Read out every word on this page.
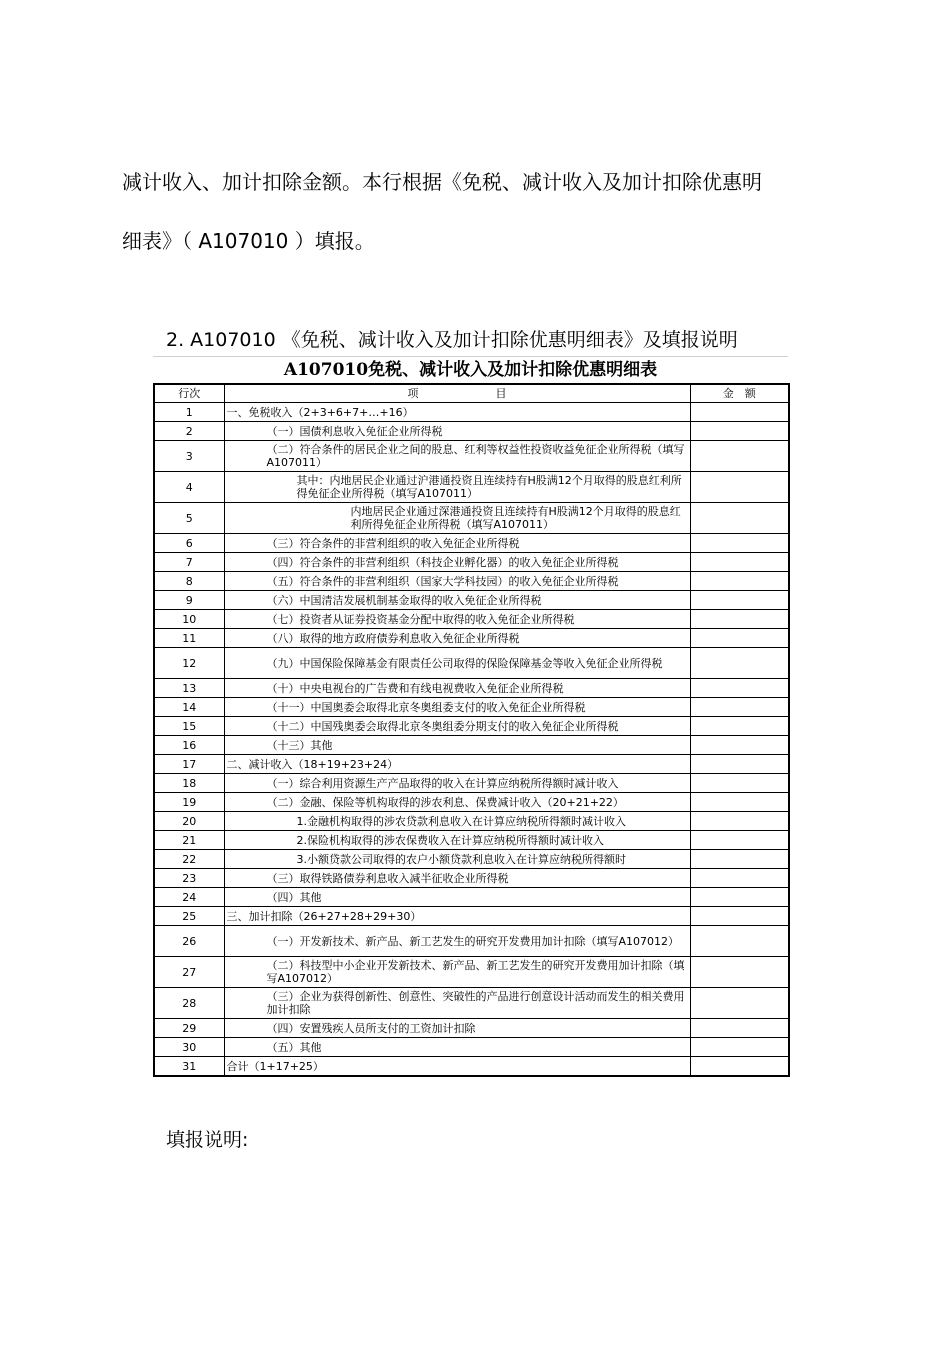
减计收入、加计扣除金额。本行根据《免税、减计收入及加计扣除优惠明
细表》（ A107010 ）填报。
2. A107010 《免税、减计收入及加计扣除优惠明细表》及填报说明
A107010免税、减计收入及加计扣除优惠明细表
行次	项　　　　　　　目	金　额
1	一、免税收入（2+3+6+7+…+16）	
2	（一）国债利息收入免征企业所得税	
3	（二）符合条件的居民企业之间的股息、红利等权益性投资收益免征企业所得税（填写A107011）	
4	其中：内地居民企业通过沪港通投资且连续持有H股满12个月取得的股息红利所得免征企业所得税（填写A107011）	
5	内地居民企业通过深港通投资且连续持有H股满12个月取得的股息红利所得免征企业所得税（填写A107011）	
6	（三）符合条件的非营利组织的收入免征企业所得税	
7	（四）符合条件的非营利组织（科技企业孵化器）的收入免征企业所得税	
8	（五）符合条件的非营利组织（国家大学科技园）的收入免征企业所得税	
9	（六）中国清洁发展机制基金取得的收入免征企业所得税	
10	（七）投资者从证券投资基金分配中取得的收入免征企业所得税	
11	（八）取得的地方政府债券利息收入免征企业所得税	
12	（九）中国保险保障基金有限责任公司取得的保险保障基金等收入免征企业所得税	
13	（十）中央电视台的广告费和有线电视费收入免征企业所得税	
14	（十一）中国奥委会取得北京冬奥组委支付的收入免征企业所得税	
15	（十二）中国残奥委会取得北京冬奥组委分期支付的收入免征企业所得税	
16	（十三）其他	
17	二、减计收入（18+19+23+24）	
18	（一）综合利用资源生产产品取得的收入在计算应纳税所得额时减计收入	
19	（二）金融、保险等机构取得的涉农利息、保费减计收入（20+21+22）	
20	1.金融机构取得的涉农贷款利息收入在计算应纳税所得额时减计收入	
21	2.保险机构取得的涉农保费收入在计算应纳税所得额时减计收入	
22	3.小额贷款公司取得的农户小额贷款利息收入在计算应纳税所得额时	
23	（三）取得铁路债券利息收入减半征收企业所得税	
24	（四）其他	
25	三、加计扣除（26+27+28+29+30）	
26	（一）开发新技术、新产品、新工艺发生的研究开发费用加计扣除（填写A107012）	
27	（二）科技型中小企业开发新技术、新产品、新工艺发生的研究开发费用加计扣除（填写A107012）	
28	（三）企业为获得创新性、创意性、突破性的产品进行创意设计活动而发生的相关费用加计扣除	
29	（四）安置残疾人员所支付的工资加计扣除	
30	（五）其他	
31	合计（1+17+25）	
填报说明:
